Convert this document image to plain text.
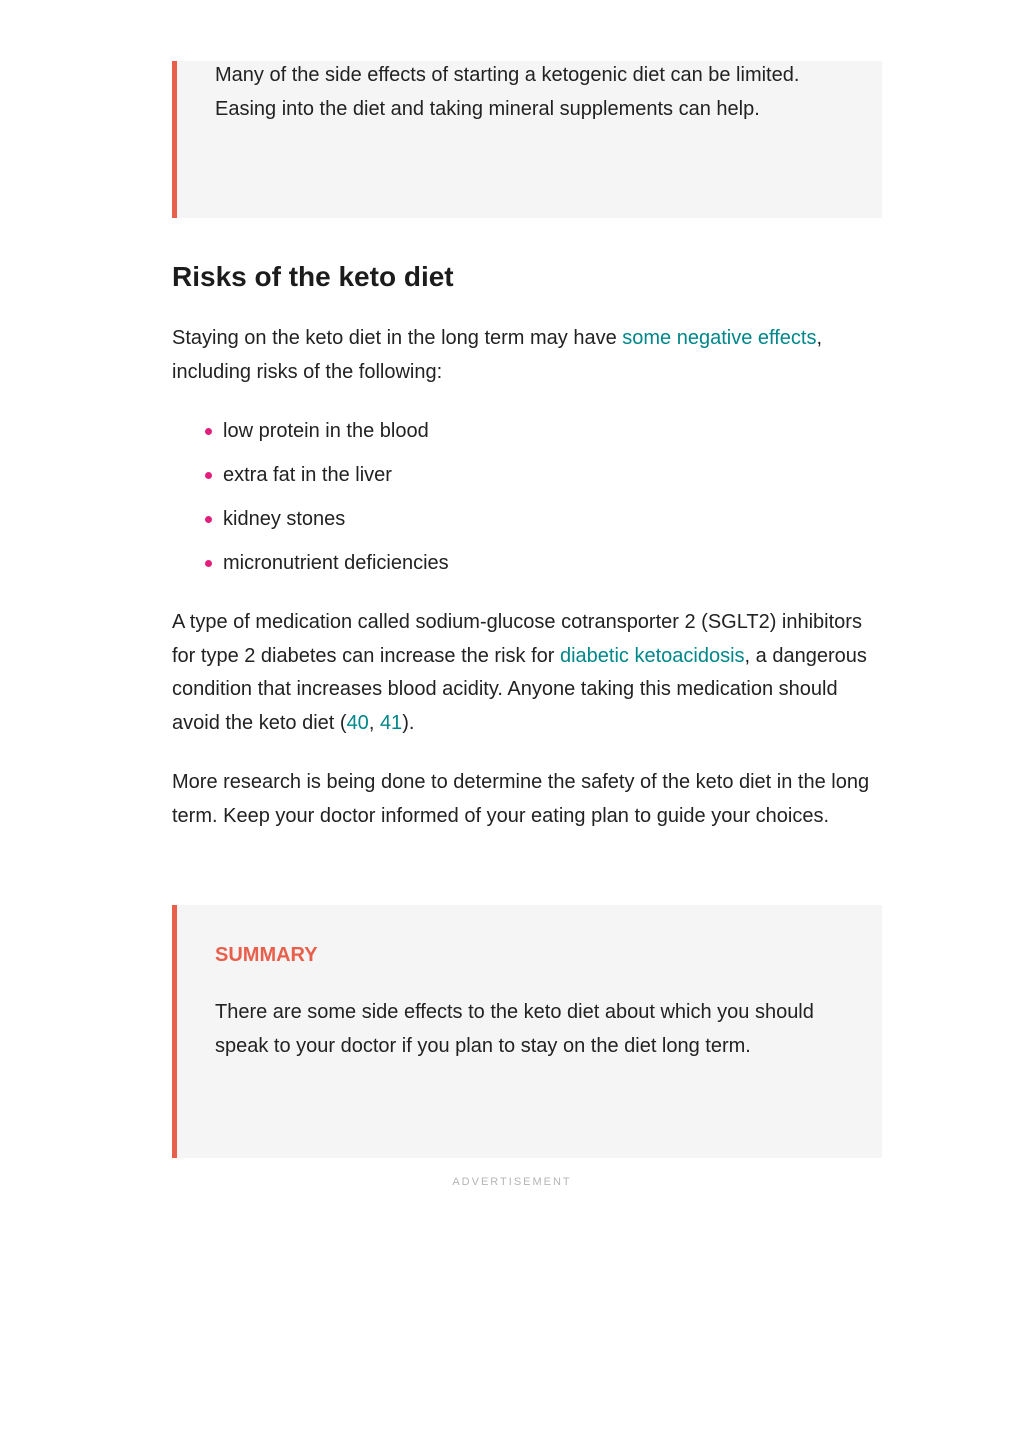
Many of the side effects of starting a ketogenic diet can be limited. Easing into the diet and taking mineral supplements can help.

Risks of the keto diet

Staying on the keto diet in the long term may have some negative effects, including risks of the following:

low protein in the blood
extra fat in the liver
kidney stones
micronutrient deficiencies

A type of medication called sodium-glucose cotransporter 2 (SGLT2) inhibitors for type 2 diabetes can increase the risk for diabetic ketoacidosis, a dangerous condition that increases blood acidity. Anyone taking this medication should avoid the keto diet (40, 41).

More research is being done to determine the safety of the keto diet in the long term. Keep your doctor informed of your eating plan to guide your choices.

SUMMARY

There are some side effects to the keto diet about which you should speak to your doctor if you plan to stay on the diet long term.

ADVERTISEMENT
